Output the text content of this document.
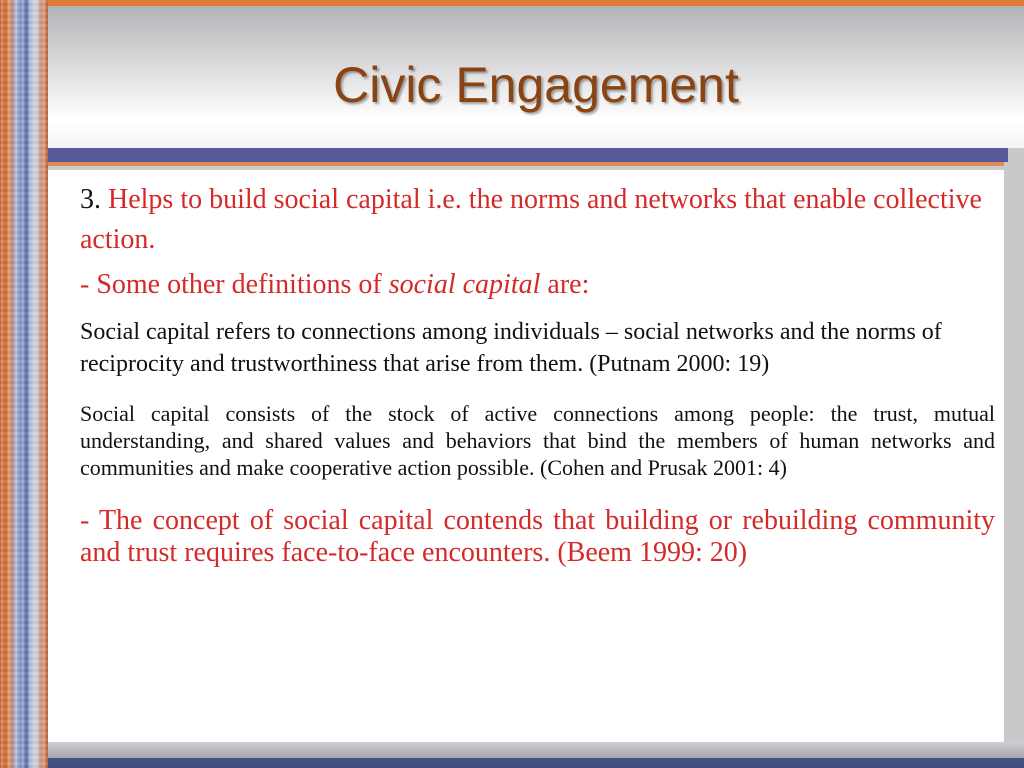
Civic Engagement

3. Helps to build social capital i.e. the norms and networks that enable collective action.

- Some other definitions of social capital are:

Social capital refers to connections among individuals – social networks and the norms of reciprocity and trustworthiness that arise from them. (Putnam 2000: 19)

Social capital consists of the stock of active connections among people: the trust, mutual understanding, and shared values and behaviors that bind the members of human networks and communities and make cooperative action possible. (Cohen and Prusak 2001: 4)

- The concept of social capital contends that building or rebuilding community and trust requires face-to-face encounters. (Beem 1999: 20)
